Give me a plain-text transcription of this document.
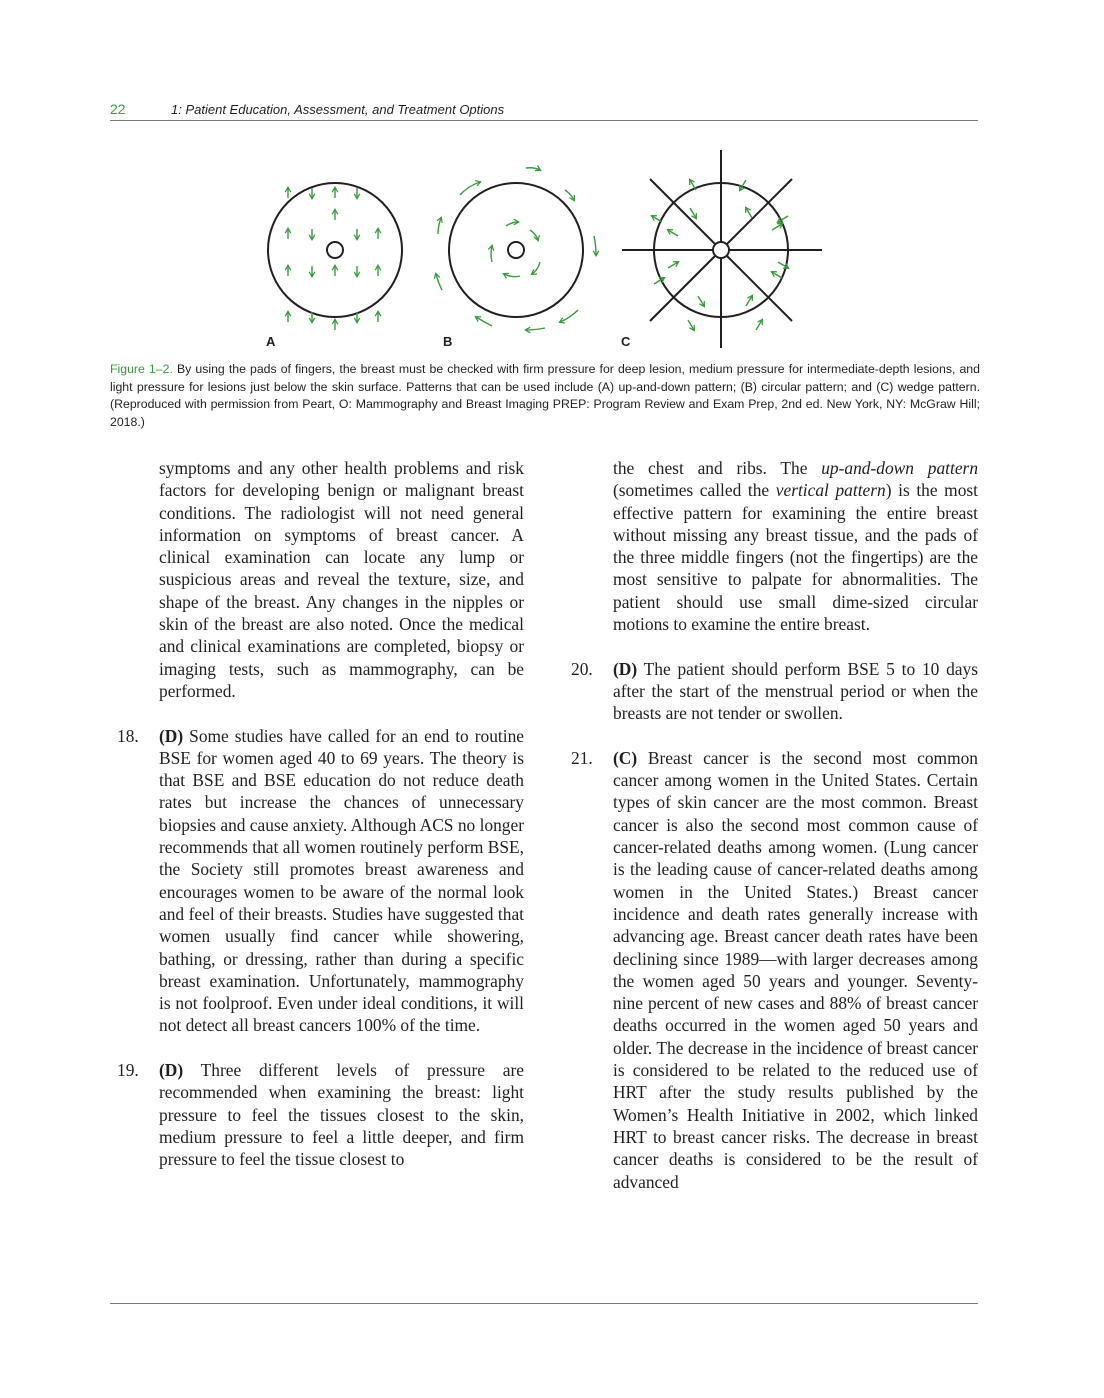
22	1: Patient Education, Assessment, and Treatment Options
A	B	C
Figure 1–2. By using the pads of fingers, the breast must be checked with firm pressure for deep lesion, medium pressure for intermediate-depth lesions, and light pressure for lesions just below the skin surface. Patterns that can be used include (A) up-and-down pattern; (B) circular pattern; and (C) wedge pattern. (Reproduced with permission from Peart, O: Mammography and Breast Imaging PREP: Program Review and Exam Prep, 2nd ed. New York, NY: McGraw Hill; 2018.)

symptoms and any other health problems and risk factors for developing benign or malignant breast conditions. The radiologist will not need general information on symptoms of breast cancer. A clinical examination can locate any lump or suspicious areas and reveal the texture, size, and shape of the breast. Any changes in the nipples or skin of the breast are also noted. Once the medical and clinical examinations are completed, biopsy or imaging tests, such as mammography, can be performed.

18. (D) Some studies have called for an end to routine BSE for women aged 40 to 69 years. The theory is that BSE and BSE education do not reduce death rates but increase the chances of unnecessary biopsies and cause anxiety. Although ACS no longer recommends that all women routinely perform BSE, the Society still promotes breast awareness and encourages women to be aware of the normal look and feel of their breasts. Studies have suggested that women usually find cancer while showering, bathing, or dressing, rather than during a specific breast examination. Unfortunately, mammography is not foolproof. Even under ideal conditions, it will not detect all breast cancers 100% of the time.

19. (D) Three different levels of pressure are recommended when examining the breast: light pressure to feel the tissues closest to the skin, medium pressure to feel a little deeper, and firm pressure to feel the tissue closest to

the chest and ribs. The up-and-down pattern (sometimes called the vertical pattern) is the most effective pattern for examining the entire breast without missing any breast tissue, and the pads of the three middle fingers (not the fingertips) are the most sensitive to palpate for abnormalities. The patient should use small dime-sized circular motions to examine the entire breast.

20. (D) The patient should perform BSE 5 to 10 days after the start of the menstrual period or when the breasts are not tender or swollen.

21. (C) Breast cancer is the second most common cancer among women in the United States. Certain types of skin cancer are the most common. Breast cancer is also the second most common cause of cancer-related deaths among women. (Lung cancer is the leading cause of cancer-related deaths among women in the United States.) Breast cancer incidence and death rates generally increase with advancing age. Breast cancer death rates have been declining since 1989—with larger decreases among the women aged 50 years and younger. Seventy-nine percent of new cases and 88% of breast cancer deaths occurred in the women aged 50 years and older. The decrease in the incidence of breast cancer is considered to be related to the reduced use of HRT after the study results published by the Women’s Health Initiative in 2002, which linked HRT to breast cancer risks. The decrease in breast cancer deaths is considered to be the result of advanced
